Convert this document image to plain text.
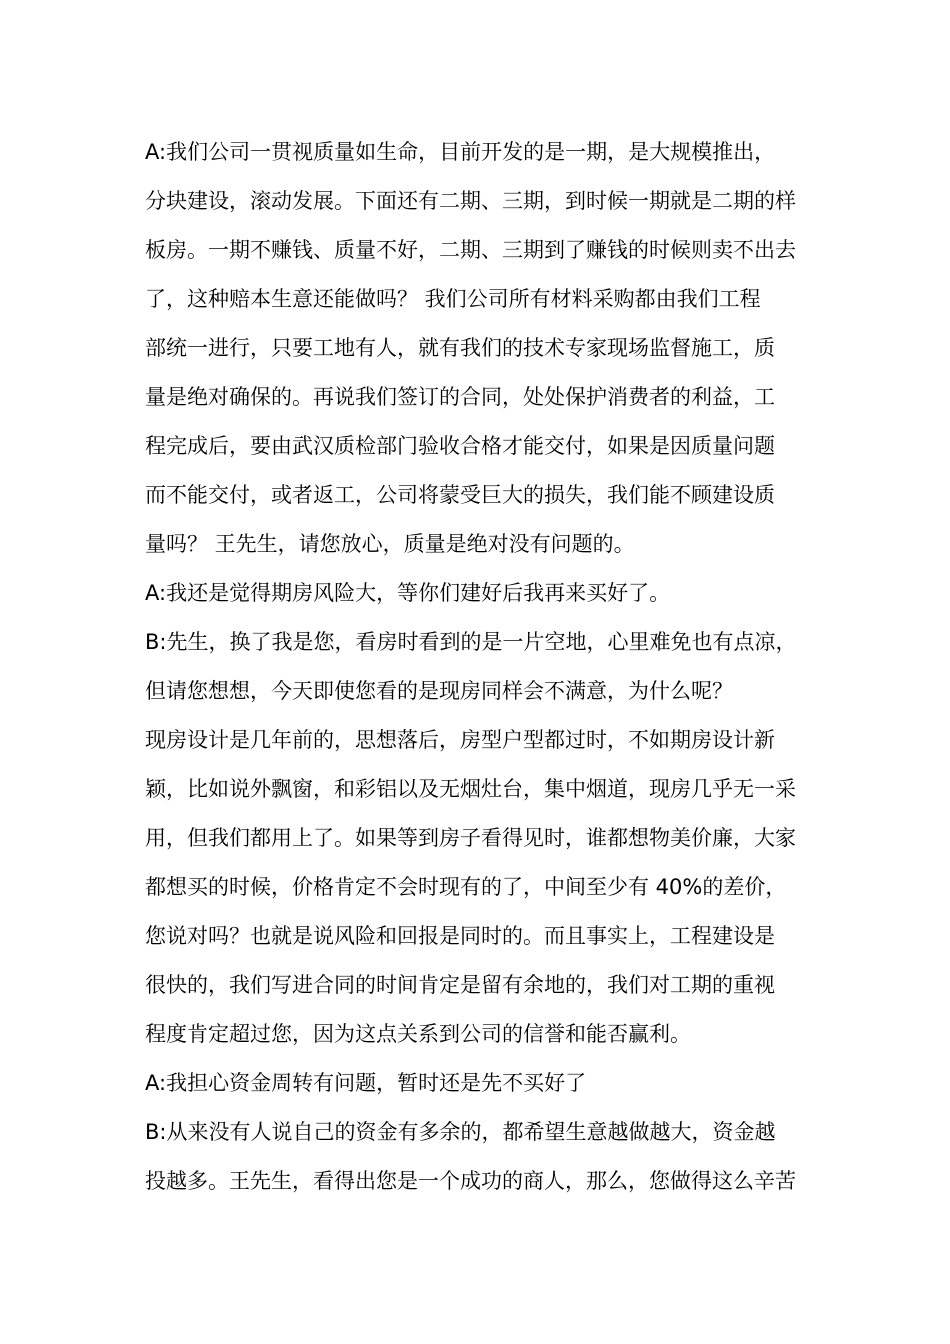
A:我们公司一贯视质量如生命，目前开发的是一期，是大规模推出，
分块建设，滚动发展。下面还有二期、三期，到时候一期就是二期的样
板房。一期不赚钱、质量不好，二期、三期到了赚钱的时候则卖不出去
了，这种赔本生意还能做吗？ 我们公司所有材料采购都由我们工程
部统一进行，只要工地有人，就有我们的技术专家现场监督施工，质
量是绝对确保的。再说我们签订的合同，处处保护消费者的利益，工
程完成后，要由武汉质检部门验收合格才能交付，如果是因质量问题
而不能交付，或者返工，公司将蒙受巨大的损失，我们能不顾建设质
量吗？ 王先生，请您放心，质量是绝对没有问题的。
A:我还是觉得期房风险大，等你们建好后我再来买好了。
B:先生，换了我是您，看房时看到的是一片空地，心里难免也有点凉，
但请您想想，今天即使您看的是现房同样会不满意，为什么呢？
现房设计是几年前的，思想落后，房型户型都过时，不如期房设计新
颖，比如说外飘窗，和彩铝以及无烟灶台，集中烟道，现房几乎无一采
用，但我们都用上了。如果等到房子看得见时，谁都想物美价廉，大家
都想买的时候，价格肯定不会时现有的了，中间至少有 40%的差价，
您说对吗？也就是说风险和回报是同时的。而且事实上，工程建设是
很快的，我们写进合同的时间肯定是留有余地的，我们对工期的重视
程度肯定超过您，因为这点关系到公司的信誉和能否赢利。
A:我担心资金周转有问题，暂时还是先不买好了
B:从来没有人说自己的资金有多余的，都希望生意越做越大，资金越
投越多。王先生，看得出您是一个成功的商人，那么，您做得这么辛苦
